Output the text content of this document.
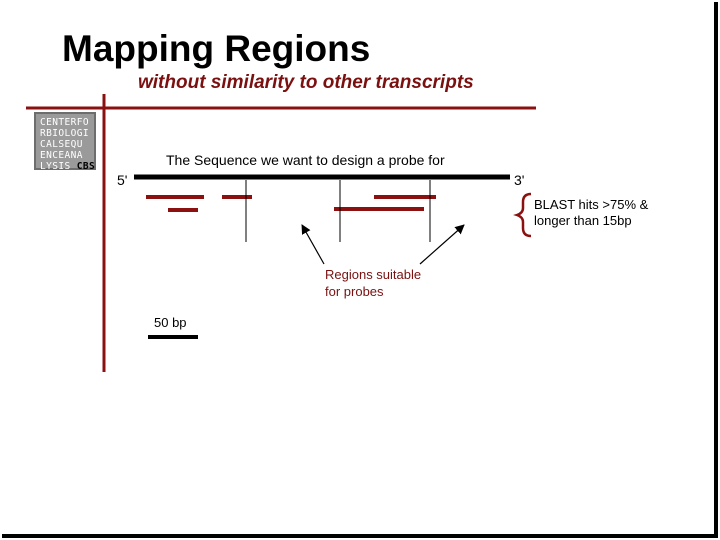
Mapping Regions
without similarity to other transcripts
CENTERFO
RBIOLOGI
CALSEQU
ENCEANA
LYSIS CBS	The Sequence we want to design a probe for
5'	3'
BLAST hits >75% &
longer than 15bp
Regions suitable
for probes
50 bp
